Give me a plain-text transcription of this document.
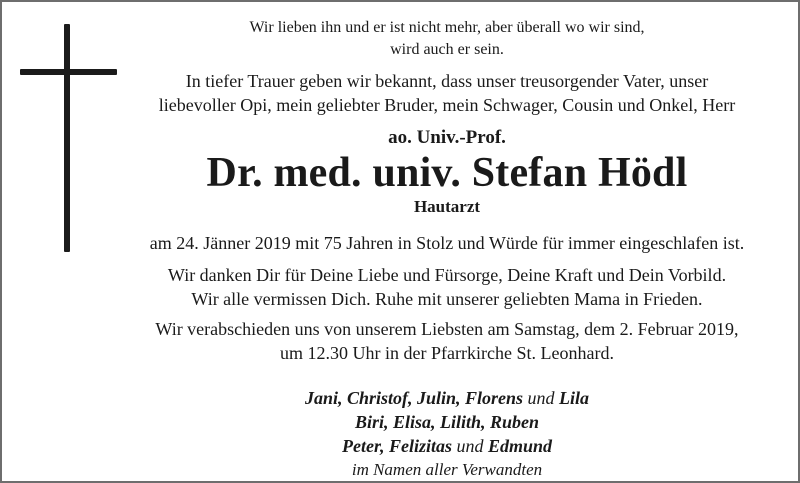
Wir lieben ihn und er ist nicht mehr, aber überall wo wir sind,
wird auch er sein.
In tiefer Trauer geben wir bekannt, dass unser treusorgender Vater, unser
liebevoller Opi, mein geliebter Bruder, mein Schwager, Cousin und Onkel, Herr
ao. Univ.-Prof.
Dr. med. univ. Stefan Hödl
Hautarzt
am 24. Jänner 2019 mit 75 Jahren in Stolz und Würde für immer eingeschlafen ist.
Wir danken Dir für Deine Liebe und Fürsorge, Deine Kraft und Dein Vorbild.
Wir alle vermissen Dich. Ruhe mit unserer geliebten Mama in Frieden.
Wir verabschieden uns von unserem Liebsten am Samstag, dem 2. Februar 2019,
um 12.30 Uhr in der Pfarrkirche St. Leonhard.
Jani, Christof, Julin, Florens und Lila
Biri, Elisa, Lilith, Ruben
Peter, Felizitas und Edmund
im Namen aller Verwandten
